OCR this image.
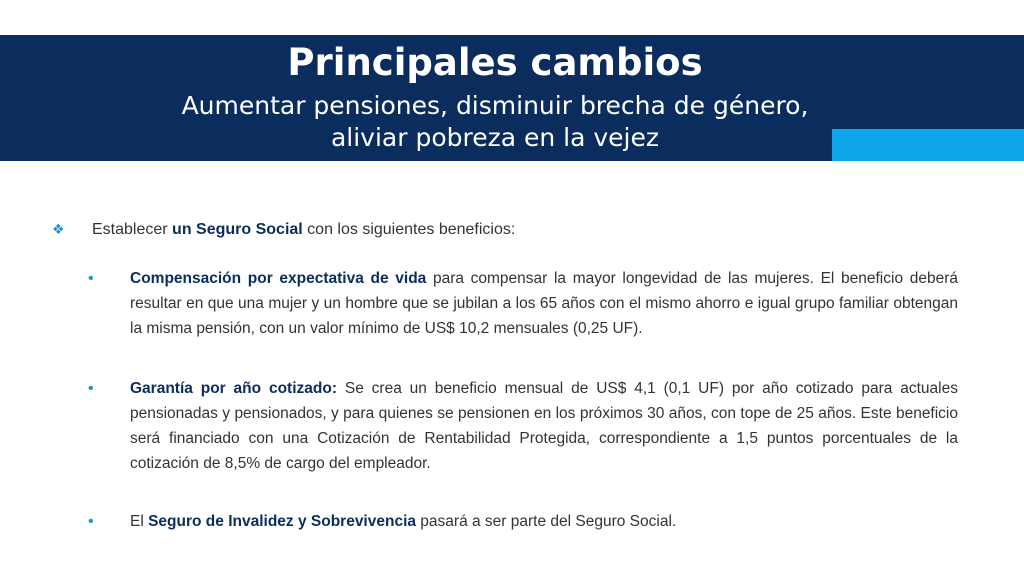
Principales cambios
Aumentar pensiones, disminuir brecha de género,
aliviar pobreza en la vejez
❖ Establecer un Seguro Social con los siguientes beneficios:
• Compensación por expectativa de vida para compensar la mayor longevidad de las mujeres. El beneficio deberá resultar en que una mujer y un hombre que se jubilan a los 65 años con el mismo ahorro e igual grupo familiar obtengan la misma pensión, con un valor mínimo de US$ 10,2 mensuales (0,25 UF).
• Garantía por año cotizado: Se crea un beneficio mensual de US$ 4,1 (0,1 UF) por año cotizado para actuales pensionadas y pensionados, y para quienes se pensionen en los próximos 30 años, con tope de 25 años. Este beneficio será financiado con una Cotización de Rentabilidad Protegida, correspondiente a 1,5 puntos porcentuales de la cotización de 8,5% de cargo del empleador.
• El Seguro de Invalidez y Sobrevivencia pasará a ser parte del Seguro Social.
